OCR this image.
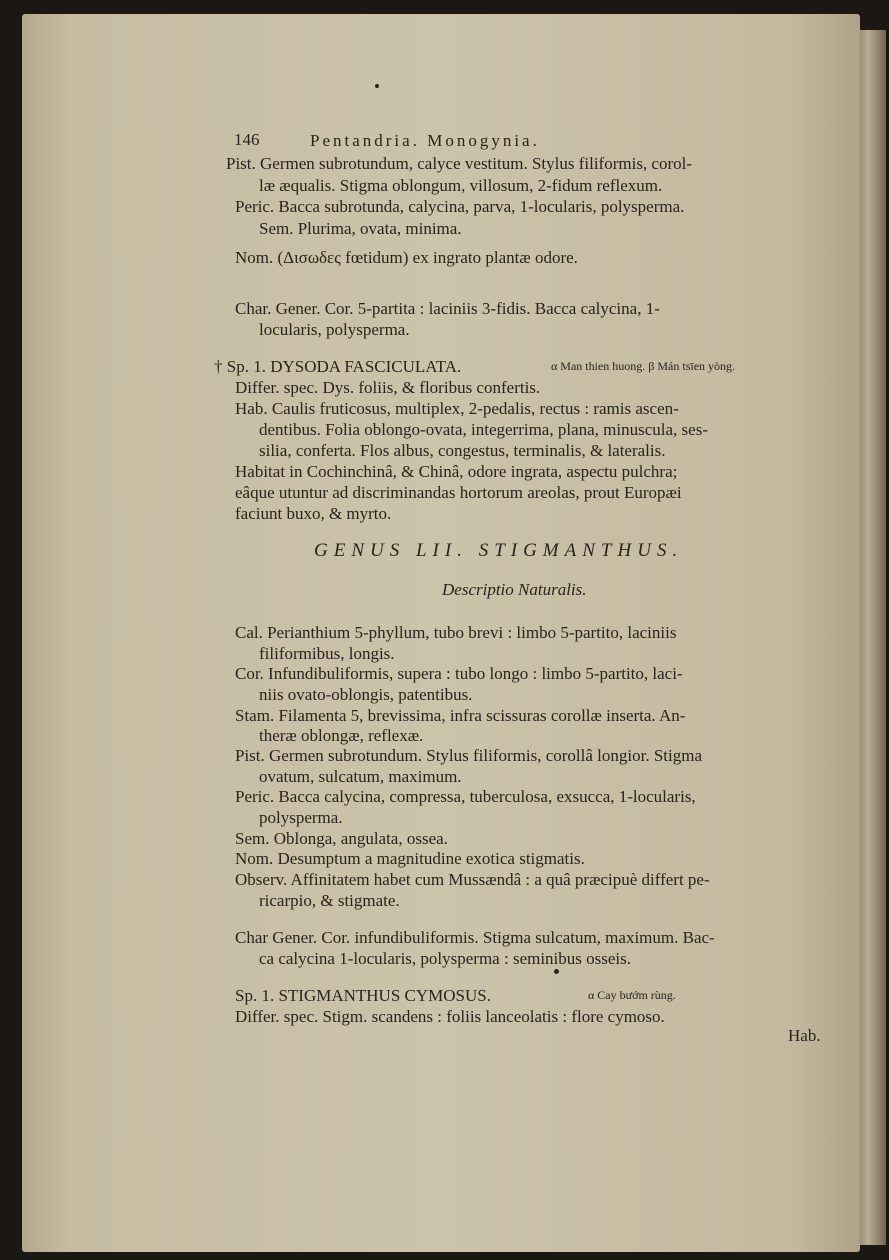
146	Pentandria. Monogynia.
Pist. Germen subrotundum, calyce vestitum. Stylus filiformis, corol-
læ æqualis. Stigma oblongum, villosum, 2-fidum reflexum.
Peric. Bacca subrotunda, calycina, parva, 1-locularis, polysperma.
Sem. Plurima, ovata, minima.
Nom. (Δισωδες fœtidum) ex ingrato plantæ odore.
Char. Gener. Cor. 5-partita : laciniis 3-fidis. Bacca calycina, 1-
locularis, polysperma.
† Sp. 1. DYSODA FASCICULATA.	α Man thien huong. β Mán tsīen yòng.
Differ. spec. Dys. foliis, & floribus confertis.
Hab. Caulis fruticosus, multiplex, 2-pedalis, rectus : ramis ascen-
dentibus. Folia oblongo-ovata, integerrima, plana, minuscula, ses-
silia, conferta. Flos albus, congestus, terminalis, & lateralis.
Habitat in Cochinchinâ, & Chinâ, odore ingrata, aspectu pulchra;
eâque utuntur ad discriminandas hortorum areolas, prout Europæi
faciunt buxo, & myrto.
GENUS LII. STIGMANTHUS.
Descriptio Naturalis.
Cal. Perianthium 5-phyllum, tubo brevi : limbo 5-partito, laciniis
filiformibus, longis.
Cor. Infundibuliformis, supera : tubo longo : limbo 5-partito, laci-
niis ovato-oblongis, patentibus.
Stam. Filamenta 5, brevissima, infra scissuras corollæ inserta. An-
theræ oblongæ, reflexæ.
Pist. Germen subrotundum. Stylus filiformis, corollâ longior. Stigma
ovatum, sulcatum, maximum.
Peric. Bacca calycina, compressa, tuberculosa, exsucca, 1-locularis,
polysperma.
Sem. Oblonga, angulata, ossea.
Nom. Desumptum a magnitudine exotica stigmatis.
Observ. Affinitatem habet cum Mussændâ : a quâ præcipuè differt pe-
ricarpio, & stigmate.
Char Gener. Cor. infundibuliformis. Stigma sulcatum, maximum. Bac-
ca calycina 1-locularis, polysperma : seminibus osseis.
Sp. 1. STIGMANTHUS CYMOSUS.	α Cay bướm rùng.
Differ. spec. Stigm. scandens : foliis lanceolatis : flore cymoso.
Hab.
